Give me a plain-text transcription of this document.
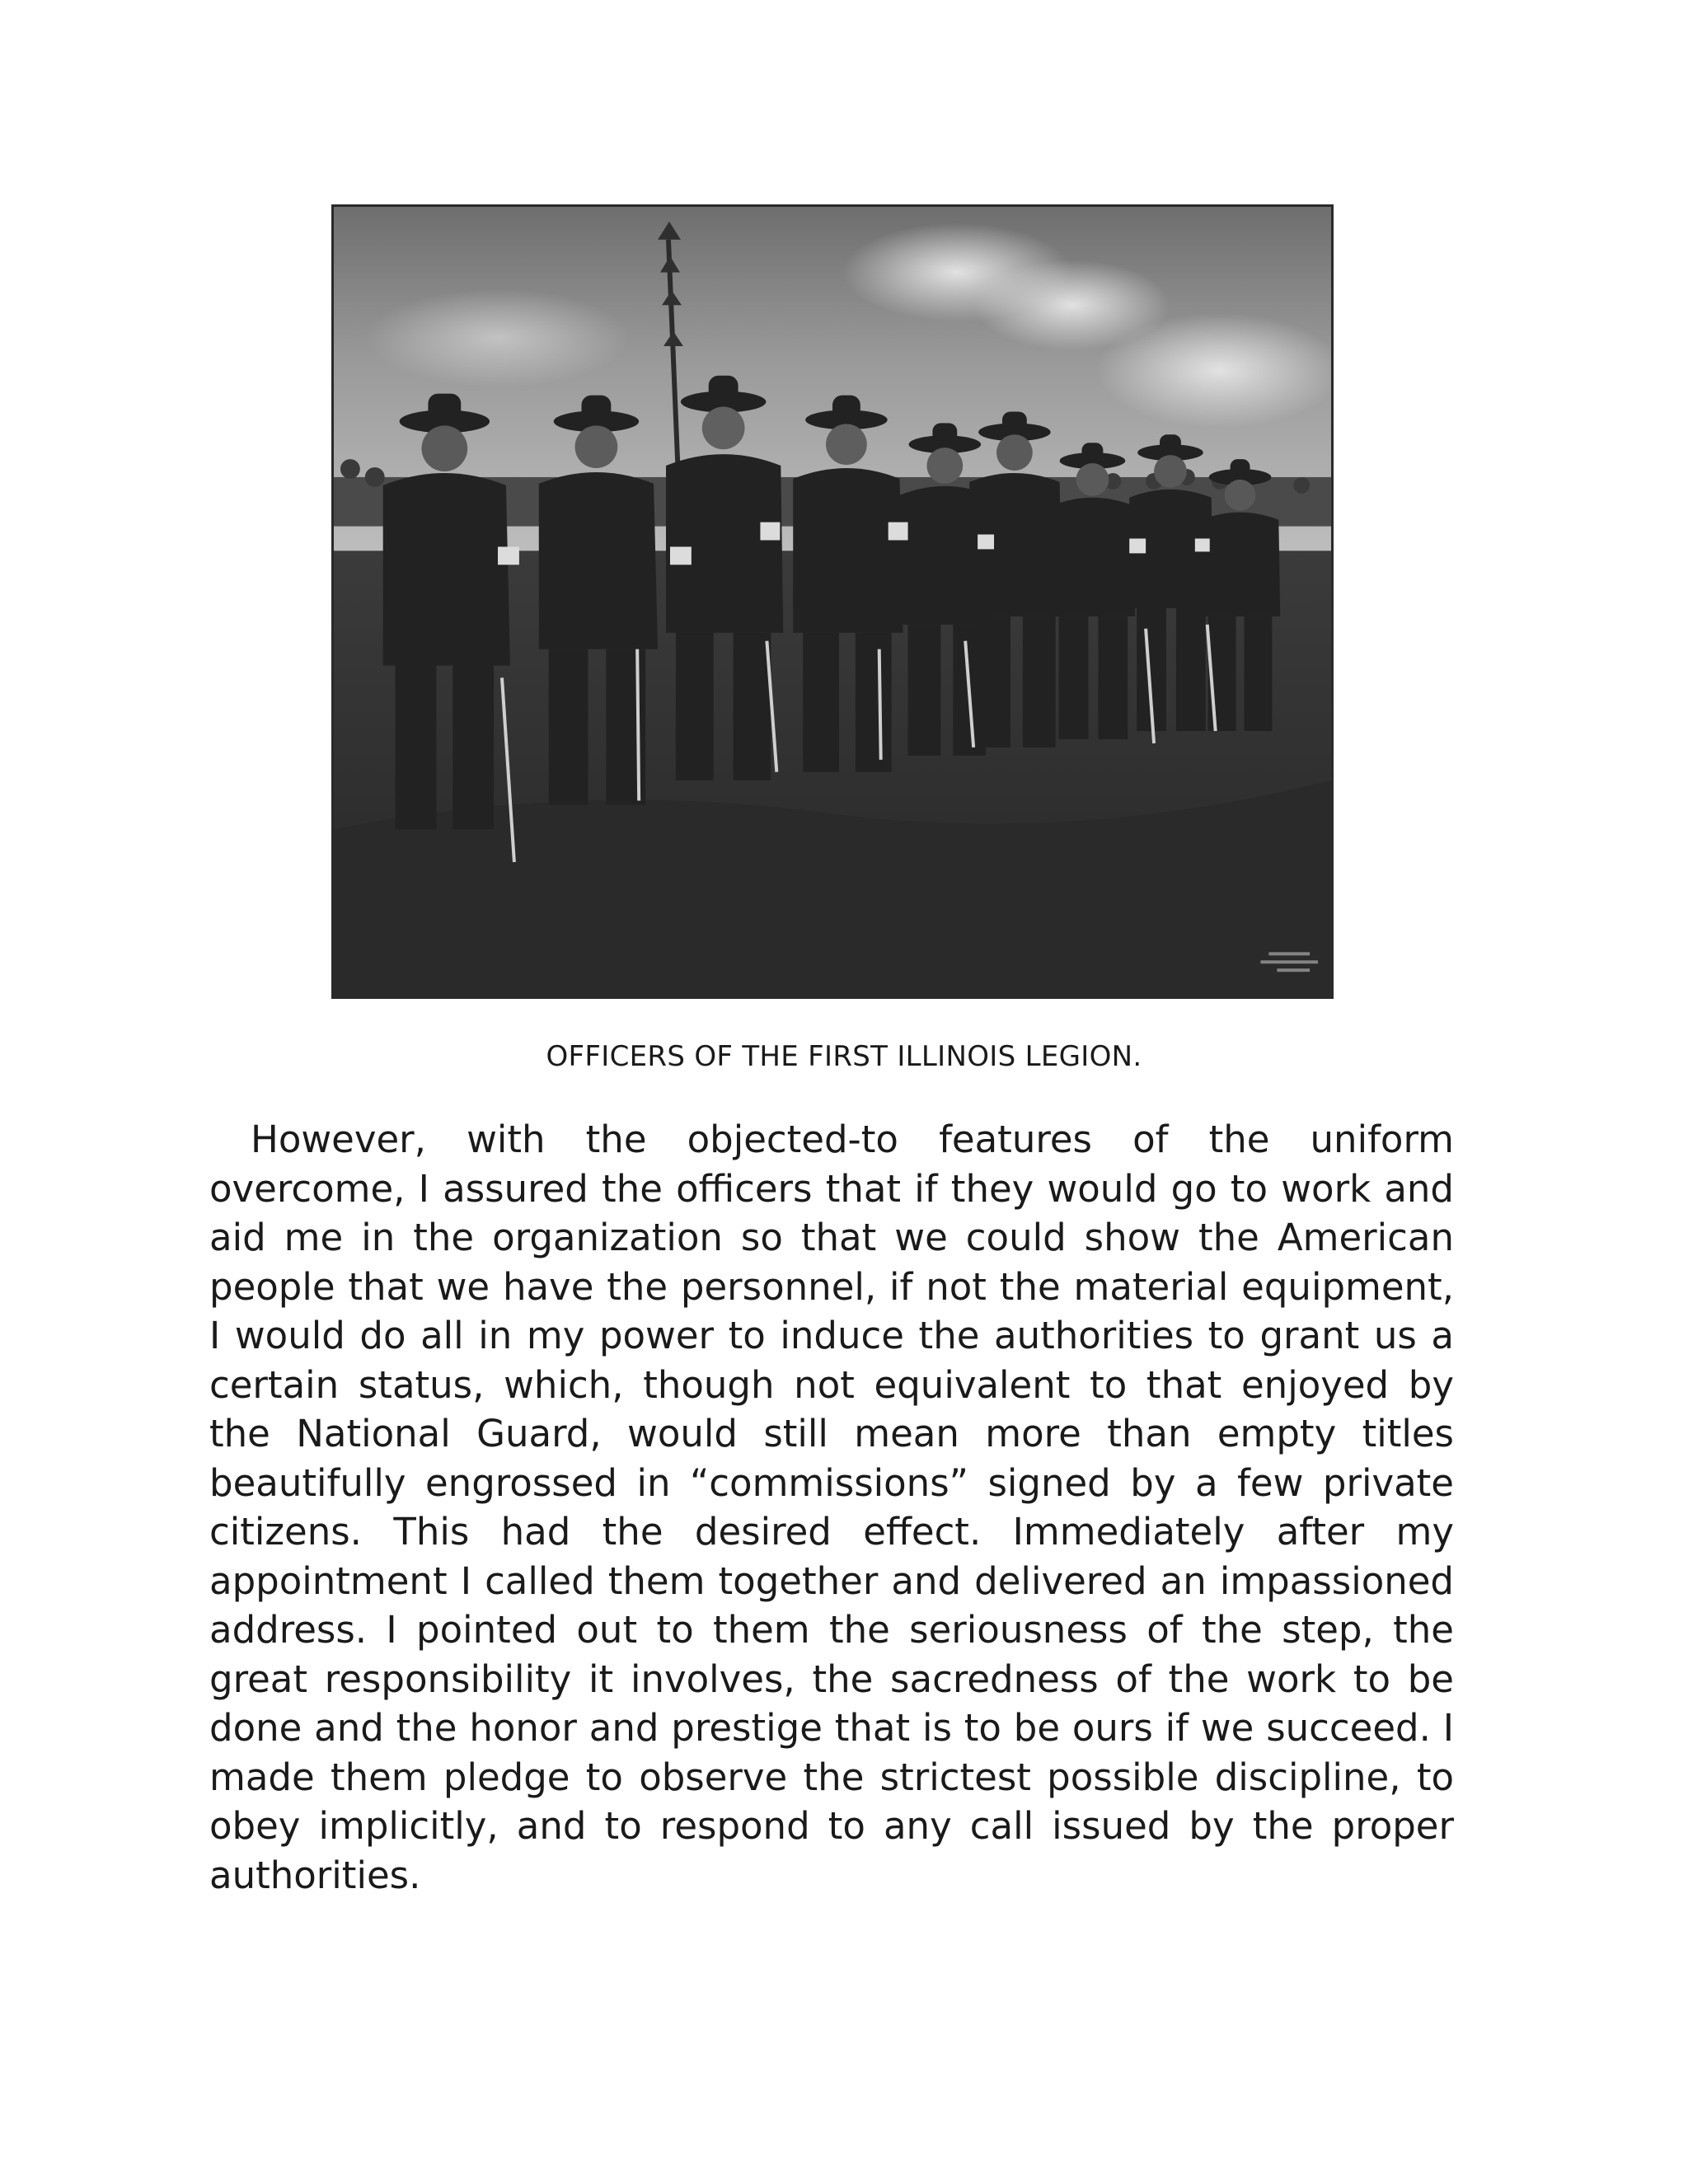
OFFICERS OF THE FIRST ILLINOIS LEGION.

However, with the objected-to features of the uniform overcome, I assured the officers that if they would go to work and aid me in the organization so that we could show the American people that we have the personnel, if not the material equipment, I would do all in my power to induce the authorities to grant us a certain status, which, though not equivalent to that enjoyed by the National Guard, would still mean more than empty titles beautifully engrossed in “commissions” signed by a few private citizens. This had the desired effect. Immediately after my appointment I called them together and delivered an impassioned address. I pointed out to them the seriousness of the step, the great responsibility it involves, the sacredness of the work to be done and the honor and prestige that is to be ours if we succeed. I made them pledge to observe the strictest possible discipline, to obey implicitly, and to respond to any call issued by the proper authorities.
